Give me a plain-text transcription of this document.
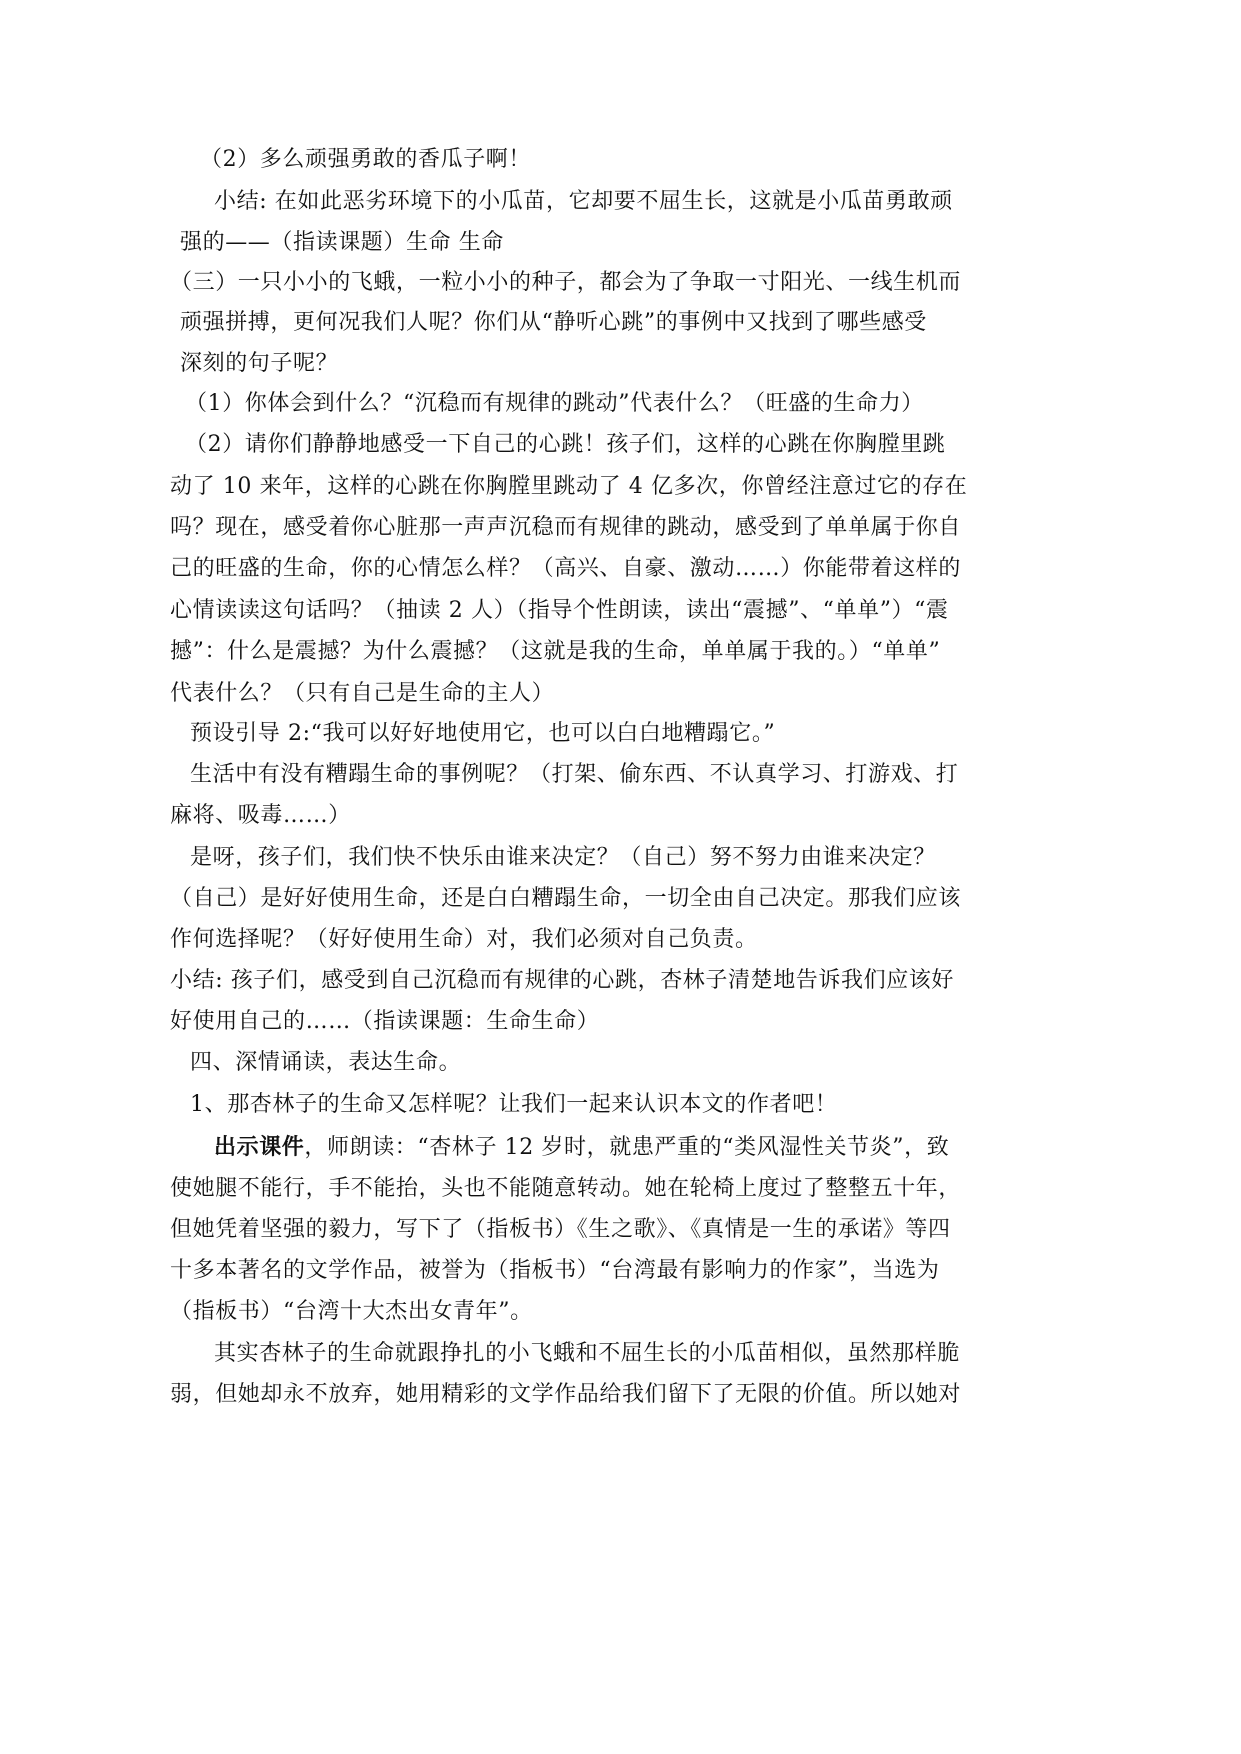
（2）多么顽强勇敢的香瓜子啊！
小结: 在如此恶劣环境下的小瓜苗，它却要不屈生长，这就是小瓜苗勇敢顽
强的——（指读课题）生命 生命
（三）一只小小的飞蛾，一粒小小的种子，都会为了争取一寸阳光、一线生机而
顽强拼搏，更何况我们人呢？你们从“静听心跳”的事例中又找到了哪些感受
深刻的句子呢？
（1）你体会到什么？“沉稳而有规律的跳动”代表什么？（旺盛的生命力）
（2）请你们静静地感受一下自己的心跳！孩子们，这样的心跳在你胸膛里跳
动了 10 来年，这样的心跳在你胸膛里跳动了 4 亿多次，你曾经注意过它的存在
吗？现在，感受着你心脏那一声声沉稳而有规律的跳动，感受到了单单属于你自
己的旺盛的生命，你的心情怎么样？（高兴、自豪、激动……）你能带着这样的
心情读读这句话吗？（抽读 2 人）（指导个性朗读，读出“震撼”、“单单”）“震
撼”：什么是震撼？为什么震撼？（这就是我的生命，单单属于我的。）“单单”
代表什么？（只有自己是生命的主人）
预设引导 2:“我可以好好地使用它，也可以白白地糟蹋它。”
生活中有没有糟蹋生命的事例呢？（打架、偷东西、不认真学习、打游戏、打
麻将、吸毒……）
是呀，孩子们，我们快不快乐由谁来决定？（自己）努不努力由谁来决定？
（自己）是好好使用生命，还是白白糟蹋生命，一切全由自己决定。那我们应该
作何选择呢？（好好使用生命）对，我们必须对自己负责。
小结: 孩子们，感受到自己沉稳而有规律的心跳，杏林子清楚地告诉我们应该好
好使用自己的……（指读课题：生命生命）
四、深情诵读，表达生命。
1、那杏林子的生命又怎样呢？让我们一起来认识本文的作者吧！
出示课件，师朗读：“杏林子 12 岁时，就患严重的“类风湿性关节炎”，致
使她腿不能行，手不能抬，头也不能随意转动。她在轮椅上度过了整整五十年，
但她凭着坚强的毅力，写下了（指板书）《生之歌》、《真情是一生的承诺》等四
十多本著名的文学作品，被誉为（指板书）“台湾最有影响力的作家”，当选为
（指板书）“台湾十大杰出女青年”。
其实杏林子的生命就跟挣扎的小飞蛾和不屈生长的小瓜苗相似，虽然那样脆
弱，但她却永不放弃，她用精彩的文学作品给我们留下了无限的价值。所以她对
